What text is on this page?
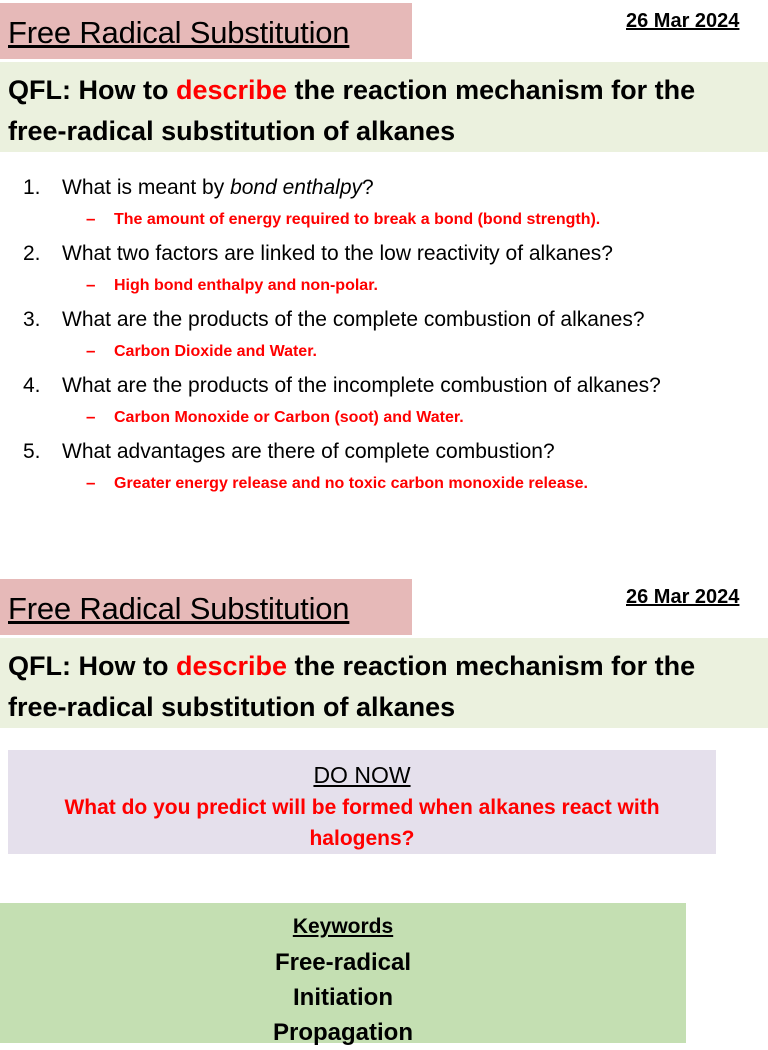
Free Radical Substitution	26 Mar 2024
QFL: How to describe the reaction mechanism for the free-radical substitution of alkanes
1. What is meant by bond enthalpy?
– The amount of energy required to break a bond (bond strength).
2. What two factors are linked to the low reactivity of alkanes?
– High bond enthalpy and non-polar.
3. What are the products of the complete combustion of alkanes?
– Carbon Dioxide and Water.
4. What are the products of the incomplete combustion of alkanes?
– Carbon Monoxide or Carbon (soot) and Water.
5. What advantages are there of complete combustion?
– Greater energy release and no toxic carbon monoxide release.
Free Radical Substitution	26 Mar 2024
QFL: How to describe the reaction mechanism for the free-radical substitution of alkanes
DO NOW
What do you predict will be formed when alkanes react with halogens?
Keywords
Free-radical
Initiation
Propagation
